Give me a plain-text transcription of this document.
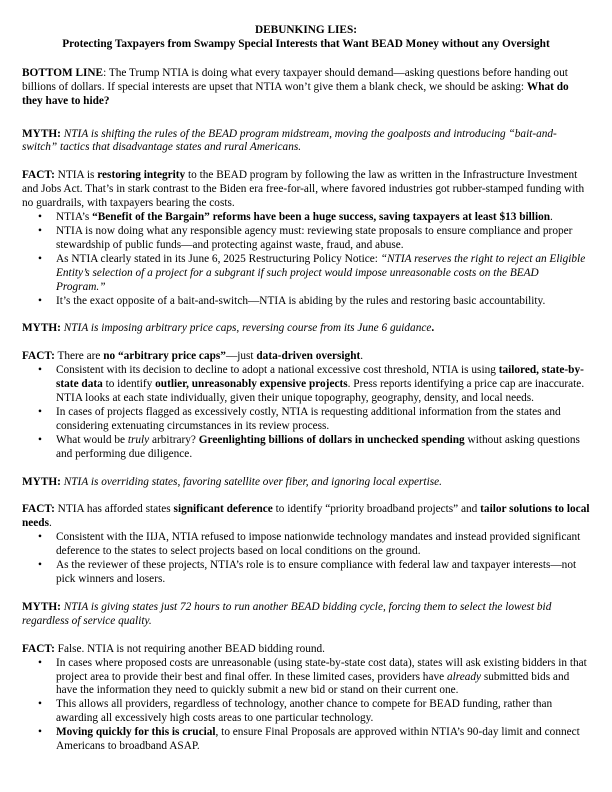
DEBUNKING LIES:

Protecting Taxpayers from Swampy Special Interests that Want BEAD Money without any Oversight

BOTTOM LINE: The Trump NTIA is doing what every taxpayer should demand—asking questions before handing out billions of dollars. If special interests are upset that NTIA won’t give them a blank check, we should be asking: What do they have to hide?

MYTH: NTIA is shifting the rules of the BEAD program midstream, moving the goalposts and introducing “bait-and-switch” tactics that disadvantage states and rural Americans.

FACT: NTIA is restoring integrity to the BEAD program by following the law as written in the Infrastructure Investment and Jobs Act. That’s in stark contrast to the Biden era free-for-all, where favored industries got rubber-stamped funding with no guardrails, with taxpayers bearing the costs.

• NTIA’s “Benefit of the Bargain” reforms have been a huge success, saving taxpayers at least $13 billion.
• NTIA is now doing what any responsible agency must: reviewing state proposals to ensure compliance and proper stewardship of public funds—and protecting against waste, fraud, and abuse.
• As NTIA clearly stated in its June 6, 2025 Restructuring Policy Notice: “NTIA reserves the right to reject an Eligible Entity’s selection of a project for a subgrant if such project would impose unreasonable costs on the BEAD Program.”
• It’s the exact opposite of a bait-and-switch—NTIA is abiding by the rules and restoring basic accountability.

MYTH: NTIA is imposing arbitrary price caps, reversing course from its June 6 guidance.

FACT: There are no “arbitrary price caps”—just data-driven oversight.

• Consistent with its decision to decline to adopt a national excessive cost threshold, NTIA is using tailored, state-by-state data to identify outlier, unreasonably expensive projects. Press reports identifying a price cap are inaccurate. NTIA looks at each state individually, given their unique topography, geography, density, and local needs.
• In cases of projects flagged as excessively costly, NTIA is requesting additional information from the states and considering extenuating circumstances in its review process.
• What would be truly arbitrary? Greenlighting billions of dollars in unchecked spending without asking questions and performing due diligence.

MYTH: NTIA is overriding states, favoring satellite over fiber, and ignoring local expertise.

FACT: NTIA has afforded states significant deference to identify “priority broadband projects” and tailor solutions to local needs.

• Consistent with the IIJA, NTIA refused to impose nationwide technology mandates and instead provided significant deference to the states to select projects based on local conditions on the ground.
• As the reviewer of these projects, NTIA’s role is to ensure compliance with federal law and taxpayer interests—not pick winners and losers.

MYTH: NTIA is giving states just 72 hours to run another BEAD bidding cycle, forcing them to select the lowest bid regardless of service quality.

FACT: False. NTIA is not requiring another BEAD bidding round.

• In cases where proposed costs are unreasonable (using state-by-state cost data), states will ask existing bidders in that project area to provide their best and final offer. In these limited cases, providers have already submitted bids and have the information they need to quickly submit a new bid or stand on their current one.
• This allows all providers, regardless of technology, another chance to compete for BEAD funding, rather than awarding all excessively high costs areas to one particular technology.
• Moving quickly for this is crucial, to ensure Final Proposals are approved within NTIA’s 90-day limit and connect Americans to broadband ASAP.
